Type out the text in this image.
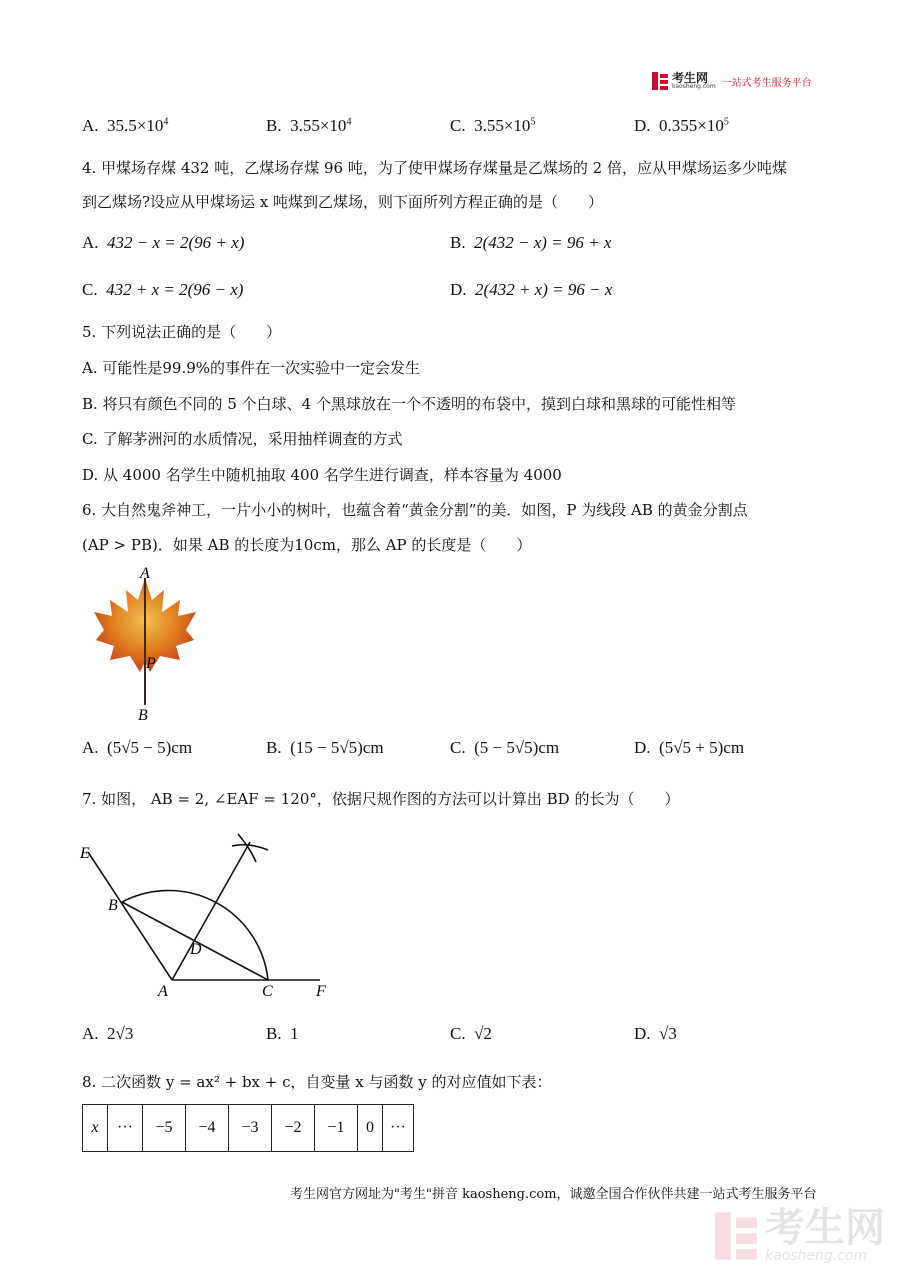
考生网
kaosheng.com 一站式考生服务平台
A. $35.5\times 10^4$	B. $3.55\times 10^4$	C. $3.55\times 10^5$	D. $0.355\times 10^5$
4. 甲煤场存煤 432 吨，乙煤场存煤 96 吨，为了使甲煤场存煤量是乙煤场的 2 倍，应从甲煤场运多少吨煤
到乙煤场?设应从甲煤场运 x 吨煤到乙煤场，则下面所列方程正确的是（　　）
A. 432 − x = 2(96 + x)	B. 2(432 − x) = 96 + x
C. 432 + x = 2(96 − x)	D. 2(432 + x) = 96 − x
5. 下列说法正确的是（　　）
A. 可能性是99.9%的事件在一次实验中一定会发生
B. 将只有颜色不同的 5 个白球、4 个黑球放在一个不透明的布袋中，摸到白球和黑球的可能性相等
C. 了解茅洲河的水质情况，采用抽样调查的方式
D. 从 4000 名学生中随机抽取 400 名学生进行调查，样本容量为 4000
6. 大自然鬼斧神工，一片小小的树叶，也蕴含着“黄金分割”的美．如图，P 为线段 AB 的黄金分割点
(AP > PB)．如果 AB 的长度为10cm，那么 AP 的长度是（　　）
A
P
B
A. (5√5 − 5)cm	B. (15 − 5√5)cm	C. (5 − 5√5)cm	D. (5√5 + 5)cm
7. 如图， AB = 2, ∠EAF = 120°，依据尺规作图的方法可以计算出 BD 的长为（　　）
E
B
D
A	C	F
A. 2√3	B. 1	C. √2	D. √3
8. 二次函数 y = ax² + bx + c，自变量 x 与函数 y 的对应值如下表：
x	···	−5	−4	−3	−2	−1	0	···
考生网官方网址为"考生"拼音 kaosheng.com，诚邀全国合作伙伴共建一站式考生服务平台
考生网
kaosheng.com
